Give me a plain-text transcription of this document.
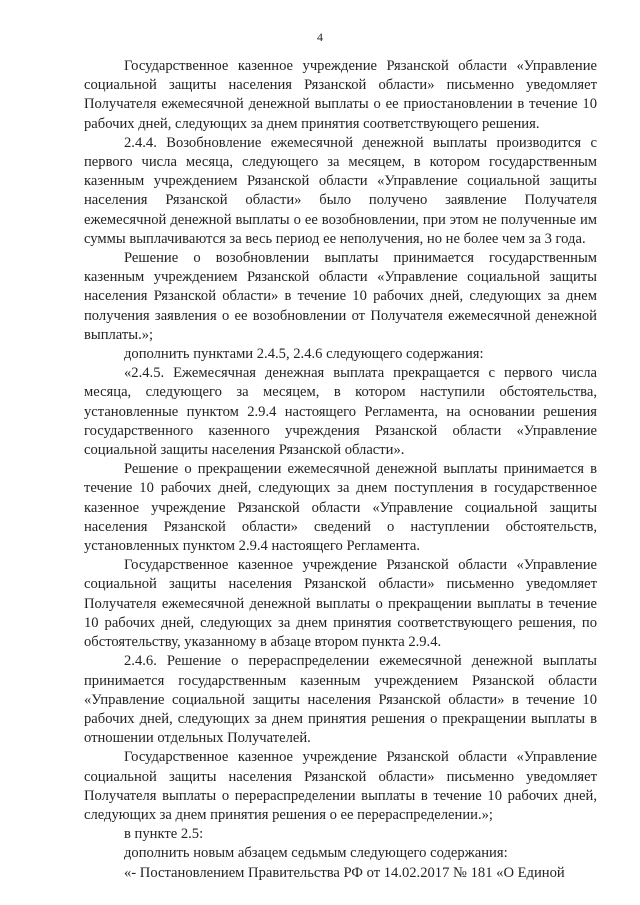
4

Государственное казенное учреждение Рязанской области «Управление социальной защиты населения Рязанской области» письменно уведомляет Получателя ежемесячной денежной выплаты о ее приостановлении в течение 10 рабочих дней, следующих за днем принятия соответствующего решения.

2.4.4. Возобновление ежемесячной денежной выплаты производится с первого числа месяца, следующего за месяцем, в котором государственным казенным учреждением Рязанской области «Управление социальной защиты населения Рязанской области» было получено заявление Получателя ежемесячной денежной выплаты о ее возобновлении, при этом не полученные им суммы выплачиваются за весь период ее неполучения, но не более чем за 3 года.

Решение о возобновлении выплаты принимается государственным казенным учреждением Рязанской области «Управление социальной защиты населения Рязанской области» в течение 10 рабочих дней, следующих за днем получения заявления о ее возобновлении от Получателя ежемесячной денежной выплаты.»;

дополнить пунктами 2.4.5, 2.4.6 следующего содержания:

«2.4.5. Ежемесячная денежная выплата прекращается с первого числа месяца, следующего за месяцем, в котором наступили обстоятельства, установленные пунктом 2.9.4 настоящего Регламента, на основании решения государственного казенного учреждения Рязанской области «Управление социальной защиты населения Рязанской области».

Решение о прекращении ежемесячной денежной выплаты принимается в течение 10 рабочих дней, следующих за днем поступления в государственное казенное учреждение Рязанской области «Управление социальной защиты населения Рязанской области» сведений о наступлении обстоятельств, установленных пунктом 2.9.4 настоящего Регламента.

Государственное казенное учреждение Рязанской области «Управление социальной защиты населения Рязанской области» письменно уведомляет Получателя ежемесячной денежной выплаты о прекращении выплаты в течение 10 рабочих дней, следующих за днем принятия соответствующего решения, по обстоятельству, указанному в абзаце втором пункта 2.9.4.

2.4.6. Решение о перераспределении ежемесячной денежной выплаты принимается государственным казенным учреждением Рязанской области «Управление социальной защиты населения Рязанской области» в течение 10 рабочих дней, следующих за днем принятия решения о прекращении выплаты в отношении отдельных Получателей.

Государственное казенное учреждение Рязанской области «Управление социальной защиты населения Рязанской области» письменно уведомляет Получателя выплаты о перераспределении выплаты в течение 10 рабочих дней, следующих за днем принятия решения о ее перераспределении.»;

в пункте 2.5:

дополнить новым абзацем седьмым следующего содержания:

«- Постановлением Правительства РФ от 14.02.2017 № 181 «О Единой
